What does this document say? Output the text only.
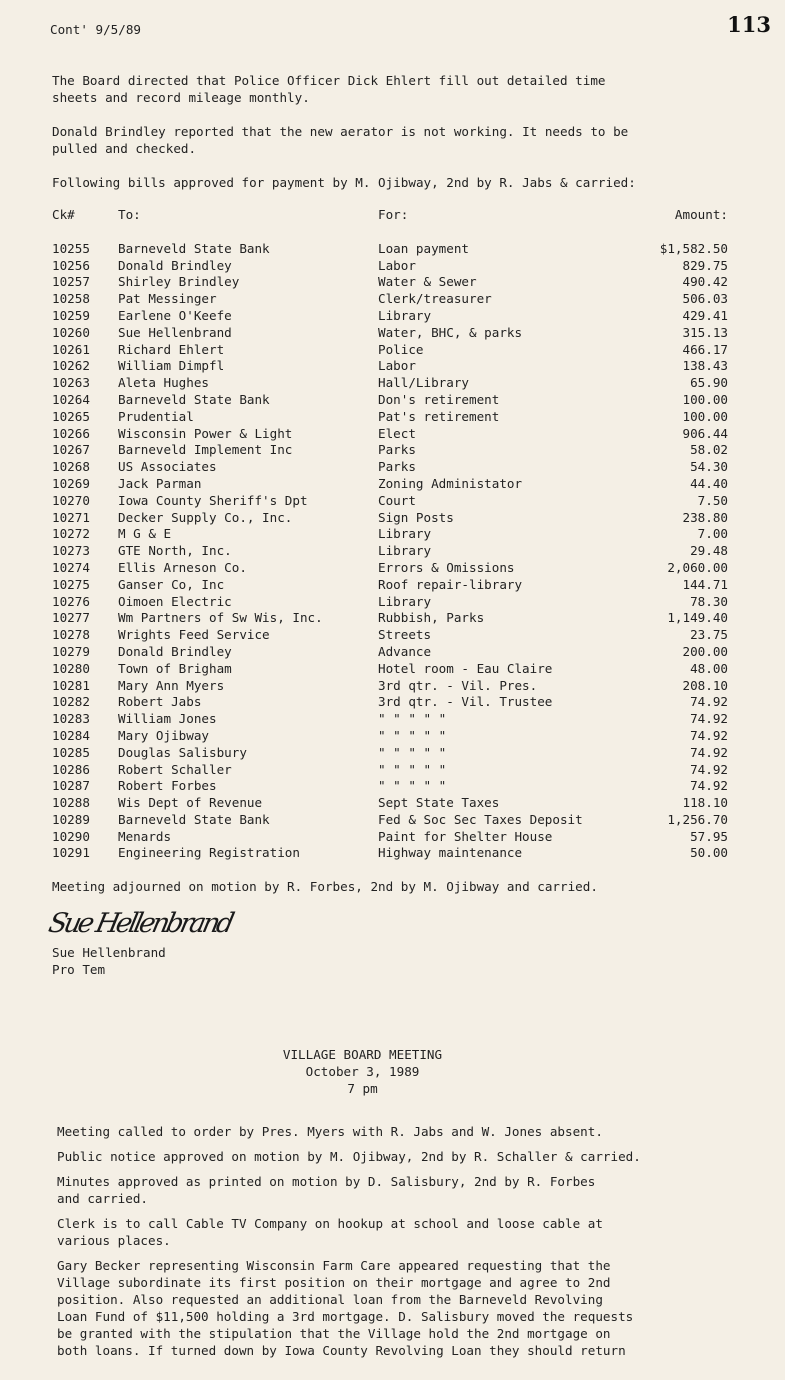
Cont' 9/5/89	113
The Board directed that Police Officer Dick Ehlert fill out detailed time
sheets and record mileage monthly.
Donald Brindley reported that the new aerator is not working. It needs to be
pulled and checked.
Following bills approved for payment by M. Ojibway, 2nd by R. Jabs & carried:
Ck#	To:	For:	Amount:
10255 Barneveld State Bank	Loan payment	$1,582.50
10256 Donald Brindley	Labor	829.75
10257 Shirley Brindley	Water & Sewer	490.42
10258 Pat Messinger	Clerk/treasurer	506.03
10259 Earlene O'Keefe	Library	429.41
10260 Sue Hellenbrand	Water, BHC, & parks	315.13
10261 Richard Ehlert	Police	466.17
10262 William Dimpfl	Labor	138.43
10263 Aleta Hughes	Hall/Library	65.90
10264 Barneveld State Bank	Don's retirement	100.00
10265 Prudential	Pat's retirement	100.00
10266 Wisconsin Power & Light	Elect	906.44
10267 Barneveld Implement Inc	Parks	58.02
10268 US Associates	Parks	54.30
10269 Jack Parman	Zoning Administator	44.40
10270 Iowa County Sheriff's Dpt	Court	7.50
10271 Decker Supply Co., Inc.	Sign Posts	238.80
10272 M G & E	Library	7.00
10273 GTE North, Inc.	Library	29.48
10274 Ellis Arneson Co.	Errors & Omissions	2,060.00
10275 Ganser Co, Inc	Roof repair-library	144.71
10276 Oimoen Electric	Library	78.30
10277 Wm Partners of Sw Wis, Inc.	Rubbish, Parks	1,149.40
10278 Wrights Feed Service	Streets	23.75
10279 Donald Brindley	Advance	200.00
10280 Town of Brigham	Hotel room - Eau Claire	48.00
10281 Mary Ann Myers	3rd qtr. - Vil. Pres.	208.10
10282 Robert Jabs	3rd qtr. - Vil. Trustee	74.92
10283 William Jones	" " " " "	74.92
10284 Mary Ojibway	" " " " "	74.92
10285 Douglas Salisbury	" " " " "	74.92
10286 Robert Schaller	" " " " "	74.92
10287 Robert Forbes	" " " " "	74.92
10288 Wis Dept of Revenue	Sept State Taxes	118.10
10289 Barneveld State Bank	Fed & Soc Sec Taxes Deposit	1,256.70
10290 Menards	Paint for Shelter House	57.95
10291 Engineering Registration	Highway maintenance	50.00
Meeting adjourned on motion by R. Forbes, 2nd by M. Ojibway and carried.
Sue Hellenbrand
Sue Hellenbrand
Pro Tem
VILLAGE BOARD MEETING
October 3, 1989
7 pm
Meeting called to order by Pres. Myers with R. Jabs and W. Jones absent.
Public notice approved on motion by M. Ojibway, 2nd by R. Schaller & carried.
Minutes approved as printed on motion by D. Salisbury, 2nd by R. Forbes
and carried.
Clerk is to call Cable TV Company on hookup at school and loose cable at
various places.
Gary Becker representing Wisconsin Farm Care appeared requesting that the
Village subordinate its first position on their mortgage and agree to 2nd
position. Also requested an additional loan from the Barneveld Revolving
Loan Fund of $11,500 holding a 3rd mortgage. D. Salisbury moved the requests
be granted with the stipulation that the Village hold the 2nd mortgage on
both loans. If turned down by Iowa County Revolving Loan they should return
